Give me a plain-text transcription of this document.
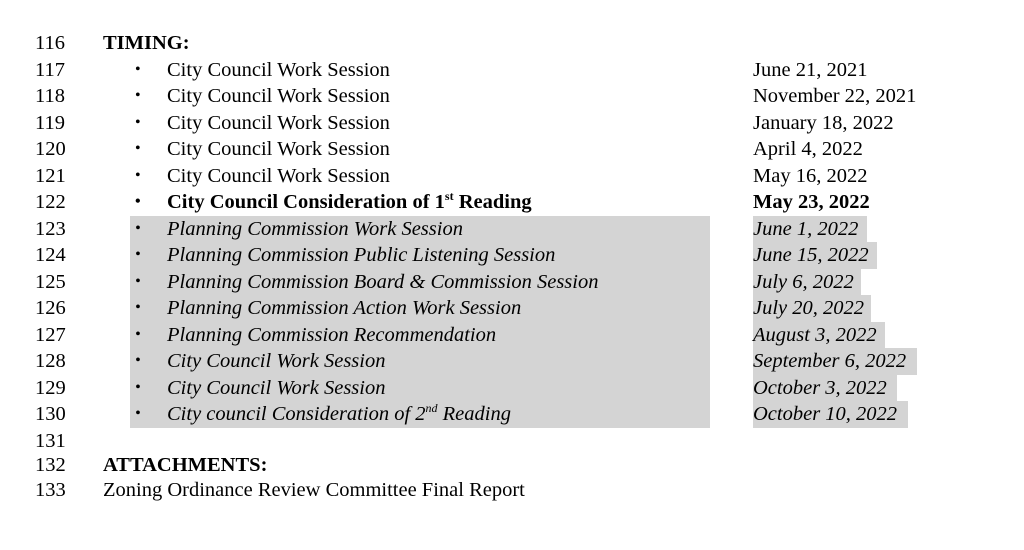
116	TIMING:
117	• City Council Work Session	June 21, 2021
118	• City Council Work Session	November 22, 2021
119	• City Council Work Session	January 18, 2022
120	• City Council Work Session	April 4, 2022
121	• City Council Work Session	May 16, 2022
122	• City Council Consideration of 1st Reading	May 23, 2022
123	• Planning Commission Work Session	June 1, 2022
124	• Planning Commission Public Listening Session	June 15, 2022
125	• Planning Commission Board & Commission Session	July 6, 2022
126	• Planning Commission Action Work Session	July 20, 2022
127	• Planning Commission Recommendation	August 3, 2022
128	• City Council Work Session	September 6, 2022
129	• City Council Work Session	October 3, 2022
130	• City council Consideration of 2nd Reading	October 10, 2022
131
132	ATTACHMENTS:
133	Zoning Ordinance Review Committee Final Report
